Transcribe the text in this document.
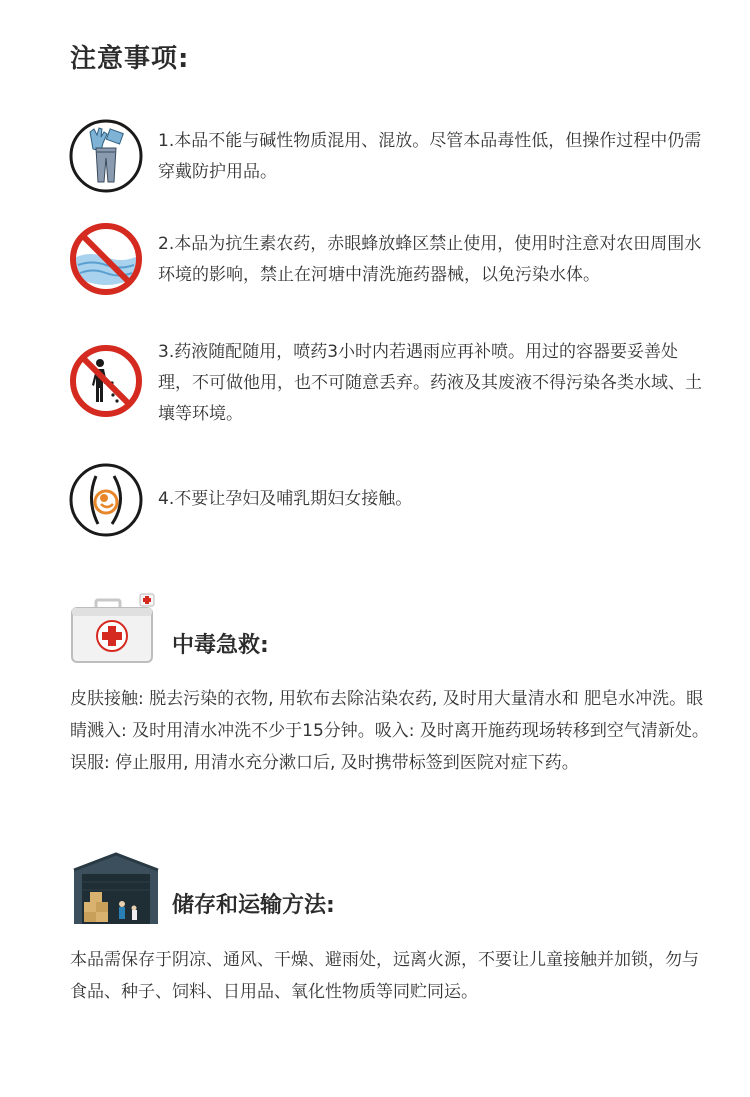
注意事项:
1.本品不能与碱性物质混用、混放。尽管本品毒性低，但操作过程中仍需穿戴防护用品。
2.本品为抗生素农药，赤眼蜂放蜂区禁止使用，使用时注意对农田周围水环境的影响，禁止在河塘中清洗施药器械，以免污染水体。
3.药液随配随用，喷药3小时内若遇雨应再补喷。用过的容器要妥善处理，不可做他用，也不可随意丢弃。药液及其废液不得污染各类水域、土壤等环境。
4.不要让孕妇及哺乳期妇女接触。
中毒急救:
皮肤接触: 脱去污染的衣物, 用软布去除沾染农药, 及时用大量清水和 肥皂水冲洗。眼睛溅入: 及时用清水冲洗不少于15分钟。吸入: 及时离开施药现场转移到空气清新处。误服: 停止服用, 用清水充分漱口后, 及时携带标签到医院对症下药。
储存和运输方法:
本品需保存于阴凉、通风、干燥、避雨处，远离火源，不要让儿童接触并加锁，勿与食品、种子、饲料、日用品、氧化性物质等同贮同运。
